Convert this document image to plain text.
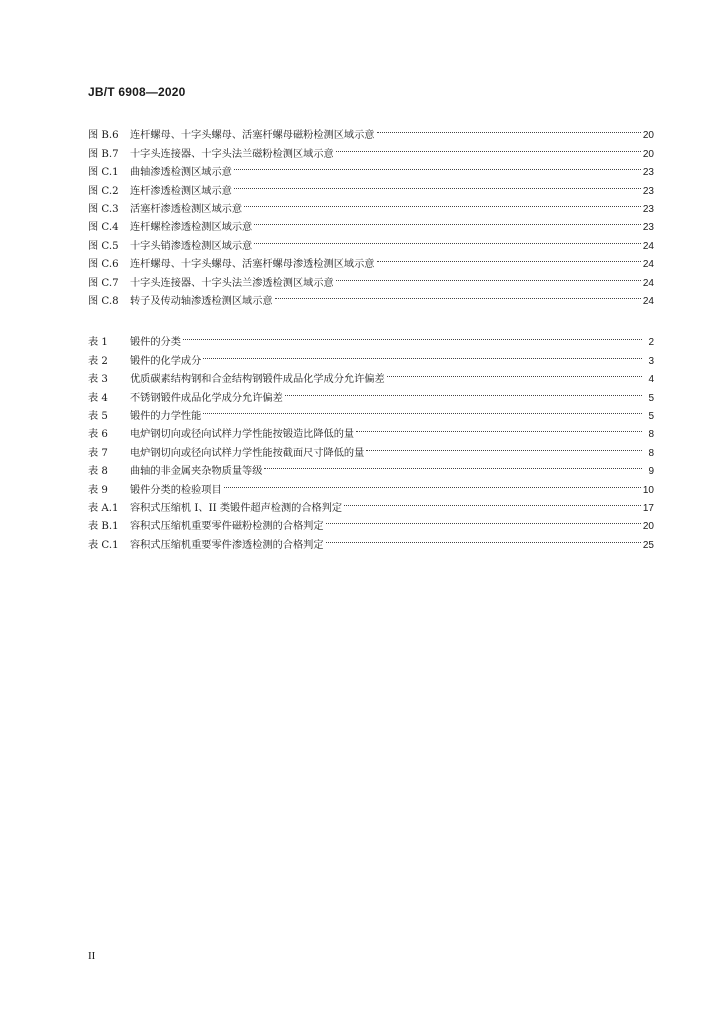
JB/T 6908—2020
图 B.6	连杆螺母、十字头螺母、活塞杆螺母磁粉检测区域示意	20
图 B.7	十字头连接器、十字头法兰磁粉检测区域示意	20
图 C.1	曲轴渗透检测区域示意	23
图 C.2	连杆渗透检测区域示意	23
图 C.3	活塞杆渗透检测区域示意	23
图 C.4	连杆螺栓渗透检测区域示意	23
图 C.5	十字头销渗透检测区域示意	24
图 C.6	连杆螺母、十字头螺母、活塞杆螺母渗透检测区域示意	24
图 C.7	十字头连接器、十字头法兰渗透检测区域示意	24
图 C.8	转子及传动轴渗透检测区域示意	24
表 1	锻件的分类	2
表 2	锻件的化学成分	3
表 3	优质碳素结构钢和合金结构钢锻件成品化学成分允许偏差	4
表 4	不锈钢锻件成品化学成分允许偏差	5
表 5	锻件的力学性能	5
表 6	电炉钢切向或径向试样力学性能按锻造比降低的量	8
表 7	电炉钢切向或径向试样力学性能按截面尺寸降低的量	8
表 8	曲轴的非金属夹杂物质量等级	9
表 9	锻件分类的检验项目	10
表 A.1	容积式压缩机 I、II 类锻件超声检测的合格判定	17
表 B.1	容积式压缩机重要零件磁粉检测的合格判定	20
表 C.1	容积式压缩机重要零件渗透检测的合格判定	25
II
